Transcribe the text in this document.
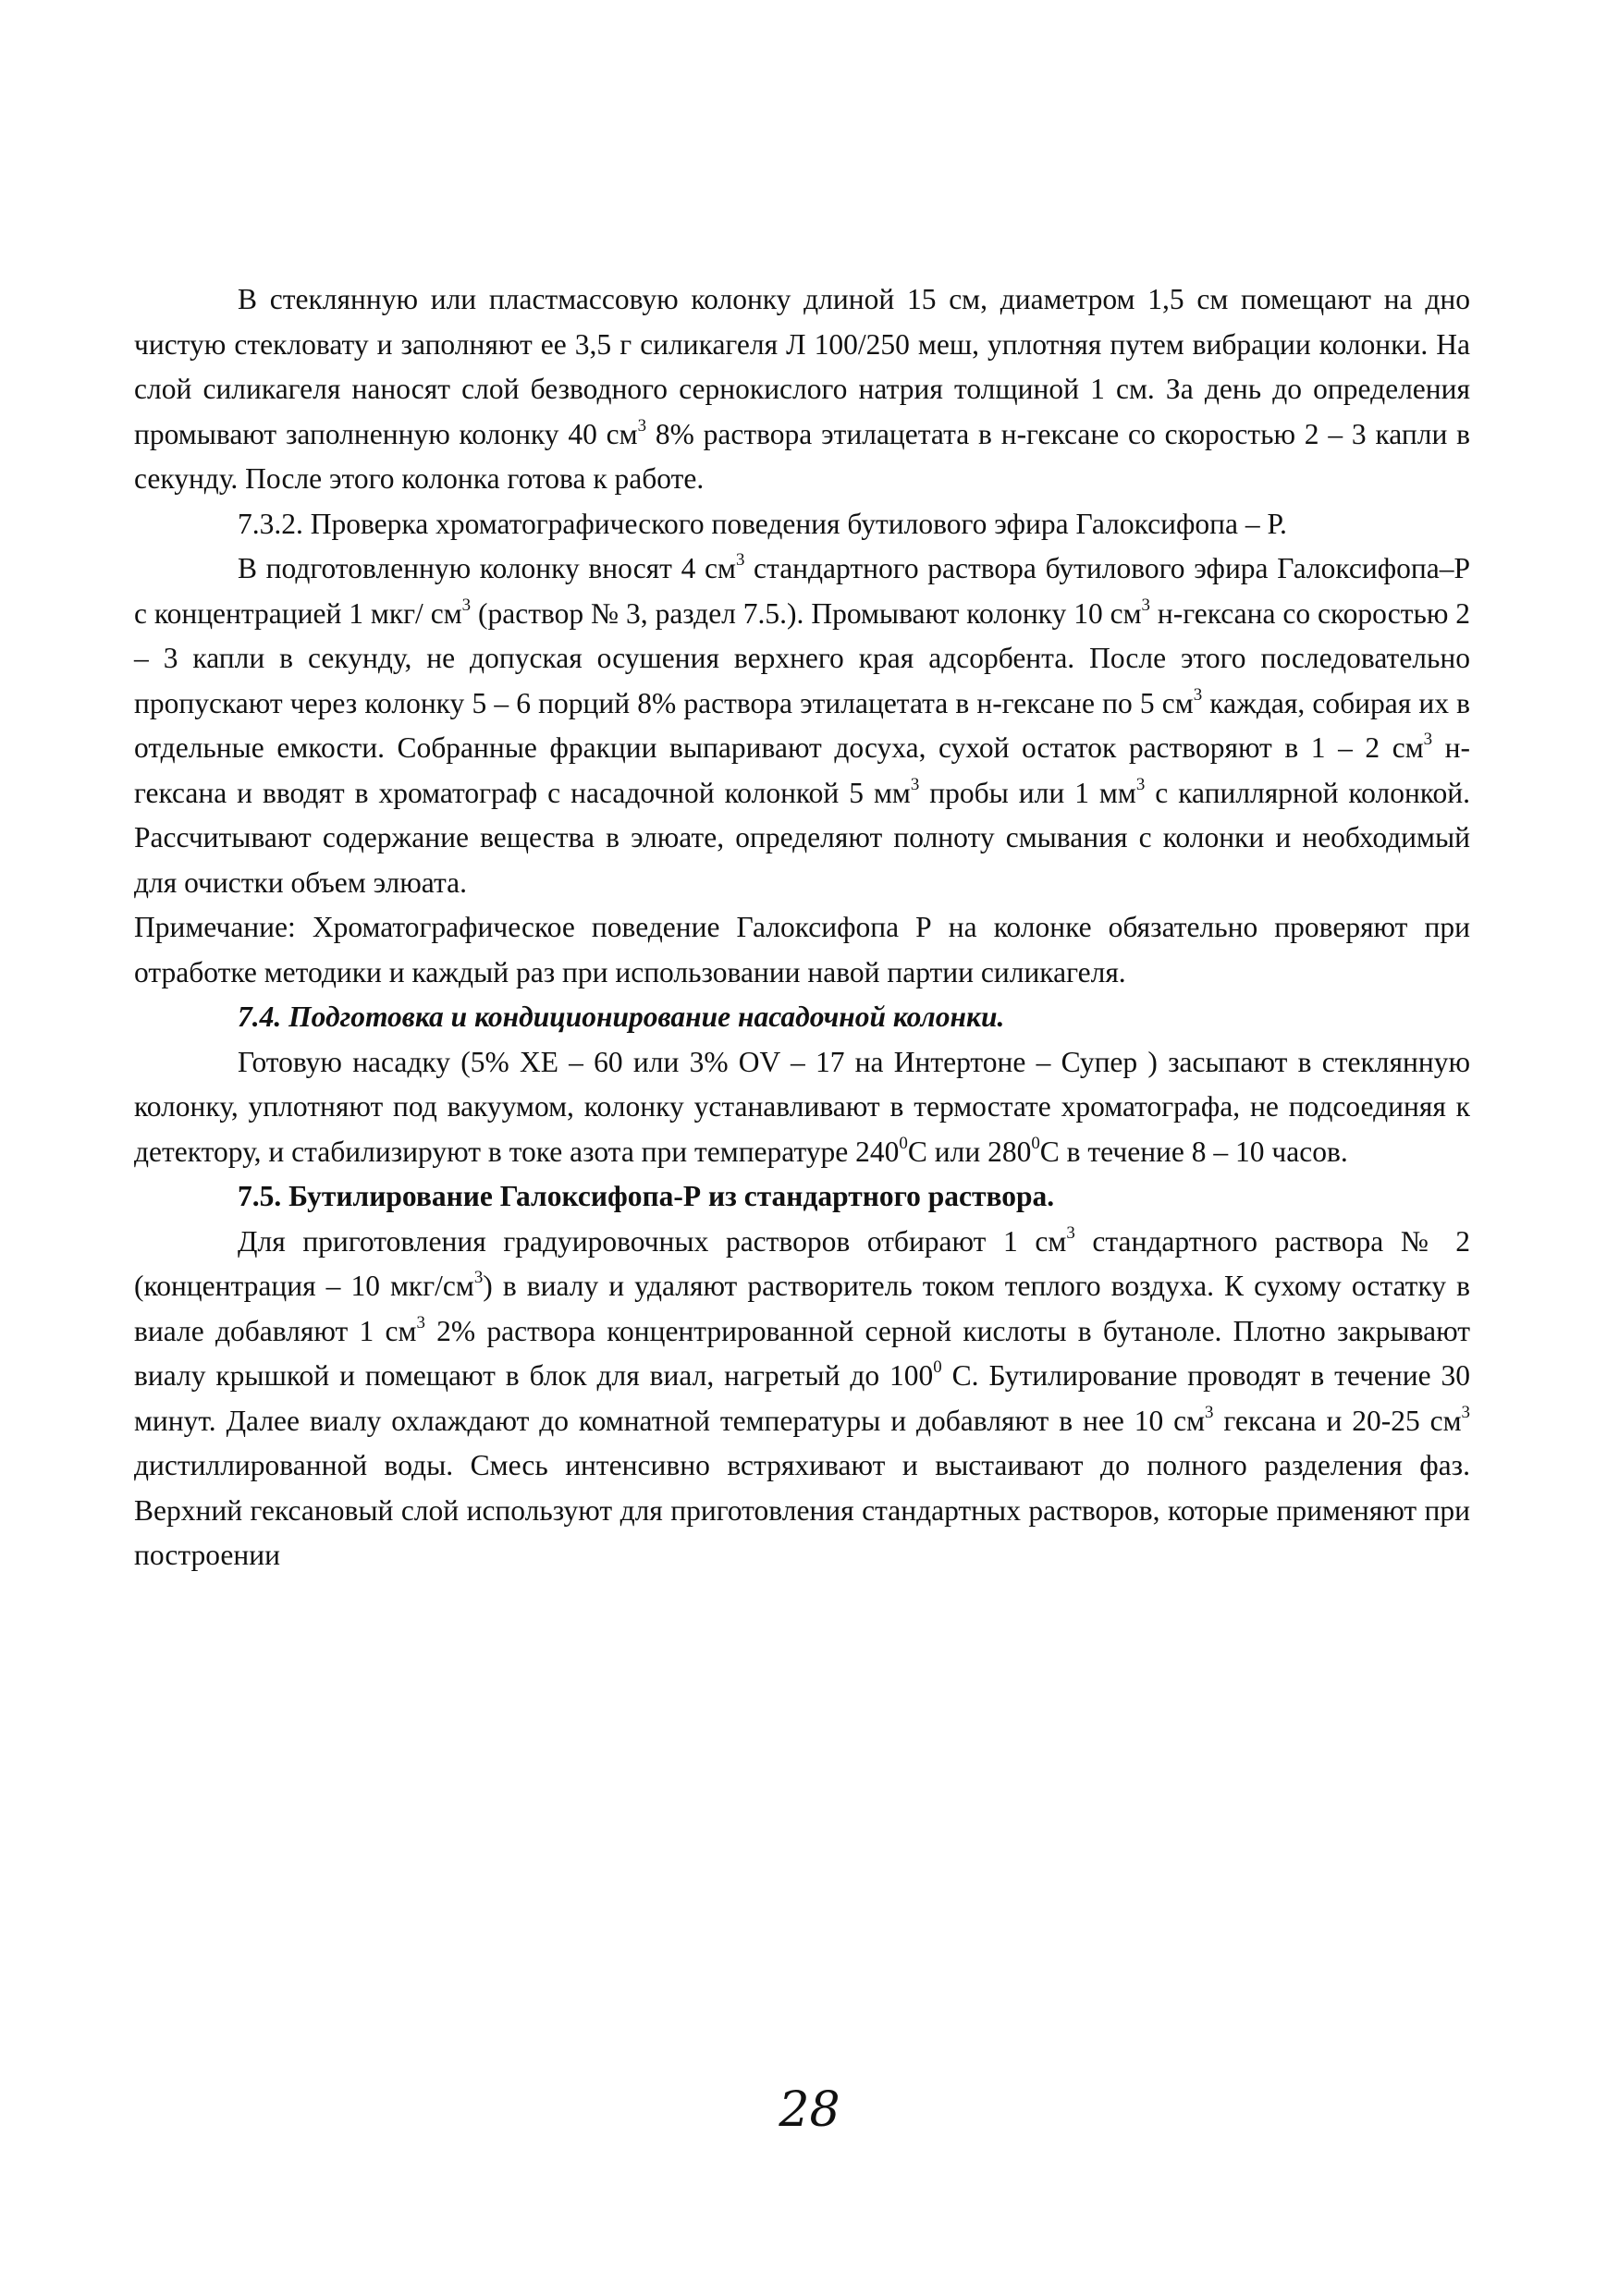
В стеклянную или пластмассовую колонку длиной 15 см, диаметром 1,5 см помещают на дно чистую стекловату и заполняют ее 3,5 г силикагеля Л 100/250 меш, уплотняя путем вибрации колонки. На слой силикагеля наносят слой безводного сернокислого натрия толщиной 1 см. За день до определения промывают заполненную колонку 40 $см^3$ 8% раствора этилацетата в н-гексане со скоростью 2 – 3 капли в секунду. После этого колонка готова к работе.

7.3.2. Проверка хроматографического поведения бутилового эфира Галоксифопа – Р.

В подготовленную колонку вносят 4 $см^3$ стандартного раствора бутилового эфира Галоксифопа–Р с концентрацией 1 мкг/ $см^3$ (раствор № 3, раздел 7.5.). Промывают колонку 10 $см^3$ н-гексана со скоростью 2 – 3 капли в секунду, не допуская осушения верхнего края адсорбента. После этого последовательно пропускают через колонку 5 – 6 порций 8% раствора этилацетата в н-гексане по 5 $см^3$ каждая, собирая их в отдельные емкости. Собранные фракции выпаривают досуха, сухой остаток растворяют в 1 – 2 $см^3$ н-гексана и вводят в хроматограф с насадочной колонкой 5 $мм^3$ пробы или 1 $мм^3$ с капиллярной колонкой. Рассчитывают содержание вещества в элюате, определяют полноту смывания с колонки и необходимый для очистки объем элюата.

Примечание: Хроматографическое поведение Галоксифопа Р на колонке обязательно проверяют при отработке методики и каждый раз при использовании навой партии силикагеля.

7.4. Подготовка и кондиционирование насадочной колонки.

Готовую насадку (5% XE – 60 или 3% OV – 17 на Интертоне – Супер ) засыпают в стеклянную колонку, уплотняют под вакуумом, колонку устанавливают в термостате хроматографа, не подсоединяя к детектору, и стабилизируют в токе азота при температуре $240^0C$ или $280^0C$ в течение 8 – 10 часов.

7.5. Бутилирование Галоксифопа-Р из стандартного раствора.

Для приготовления градуировочных растворов отбирают 1 $см^3$ стандартного раствора № 2 (концентрация – 10 мкг/$см^3$) в виалу и удаляют растворитель током теплого воздуха. К сухому остатку в виале добавляют 1 $см^3$ 2% раствора концентрированной серной кислоты в бутаноле. Плотно закрывают виалу крышкой и помещают в блок для виал, нагретый до $100^0$ С. Бутилирование проводят в течение 30 минут. Далее виалу охлаждают до комнатной температуры и добавляют в нее 10 $см^3$ гексана и 20-25 $см^3$ дистиллированной воды. Смесь интенсивно встряхивают и выстаивают до полного разделения фаз. Верхний гексановый слой используют для приготовления стандартных растворов, которые применяют при построении

28
